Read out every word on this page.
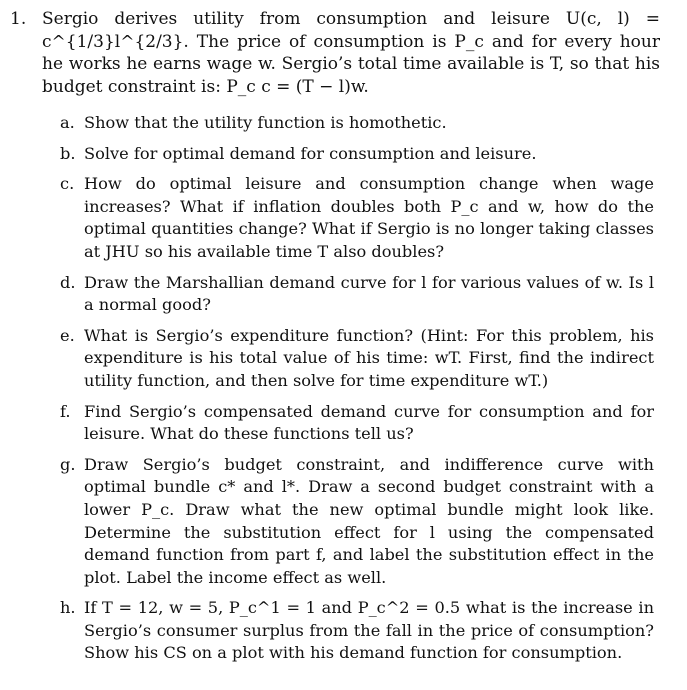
1. Sergio derives utility from consumption and leisure U(c, l) = c^{1/3}l^{2/3}. The price of consumption is P_c and for every hour he works he earns wage w. Sergio’s total time available is T, so that his budget constraint is: P_c c = (T − l)w.
a. Show that the utility function is homothetic.
b. Solve for optimal demand for consumption and leisure.
c. How do optimal leisure and consumption change when wage increases? What if inflation doubles both P_c and w, how do the optimal quantities change? What if Sergio is no longer taking classes at JHU so his available time T also doubles?
d. Draw the Marshallian demand curve for l for various values of w. Is l a normal good?
e. What is Sergio’s expenditure function? (Hint: For this problem, his expenditure is his total value of his time: wT. First, find the indirect utility function, and then solve for time expenditure wT.)
f. Find Sergio’s compensated demand curve for consumption and for leisure. What do these functions tell us?
g. Draw Sergio’s budget constraint, and indifference curve with optimal bundle c* and l*. Draw a second budget constraint with a lower P_c. Draw what the new optimal bundle might look like. Determine the substitution effect for l using the compensated demand function from part f, and label the substitution effect in the plot. Label the income effect as well.
h. If T = 12, w = 5, P_c^1 = 1 and P_c^2 = 0.5 what is the increase in Sergio’s consumer surplus from the fall in the price of consumption? Show his CS on a plot with his demand function for consumption.
